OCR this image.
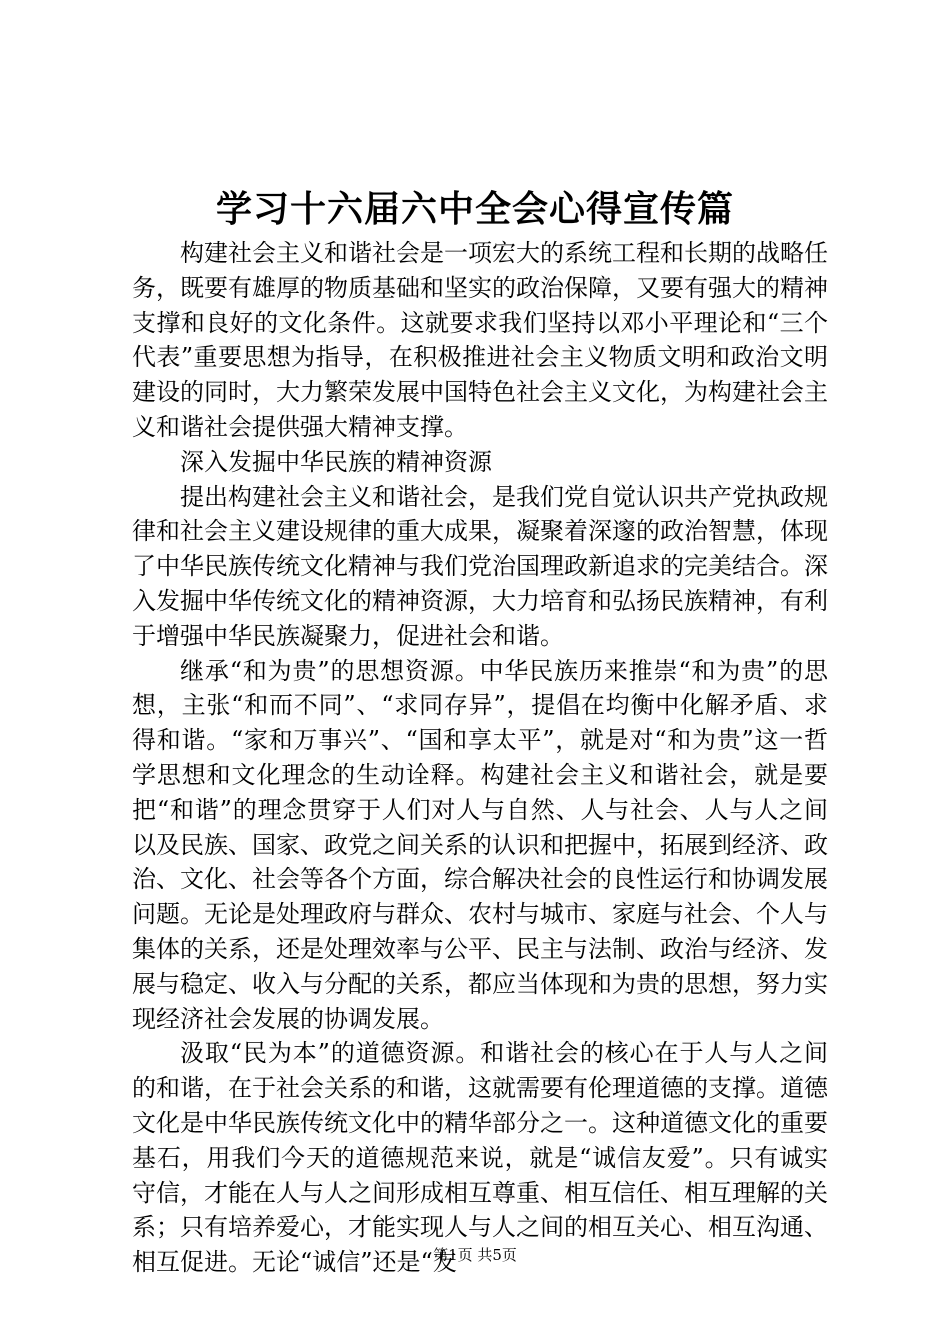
学习十六届六中全会心得宣传篇

构建社会主义和谐社会是一项宏大的系统工程和长期的战略任务，既要有雄厚的物质基础和坚实的政治保障，又要有强大的精神支撑和良好的文化条件。这就要求我们坚持以邓小平理论和“三个代表”重要思想为指导，在积极推进社会主义物质文明和政治文明建设的同时，大力繁荣发展中国特色社会主义文化，为构建社会主义和谐社会提供强大精神支撑。

深入发掘中华民族的精神资源

提出构建社会主义和谐社会，是我们党自觉认识共产党执政规律和社会主义建设规律的重大成果，凝聚着深邃的政治智慧，体现了中华民族传统文化精神与我们党治国理政新追求的完美结合。深入发掘中华传统文化的精神资源，大力培育和弘扬民族精神，有利于增强中华民族凝聚力，促进社会和谐。

继承“和为贵”的思想资源。中华民族历来推崇“和为贵”的思想，主张“和而不同”、“求同存异”，提倡在均衡中化解矛盾、求得和谐。“家和万事兴”、“国和享太平”，就是对“和为贵”这一哲学思想和文化理念的生动诠释。构建社会主义和谐社会，就是要把“和谐”的理念贯穿于人们对人与自然、人与社会、人与人之间以及民族、国家、政党之间关系的认识和把握中，拓展到经济、政治、文化、社会等各个方面，综合解决社会的良性运行和协调发展问题。无论是处理政府与群众、农村与城市、家庭与社会、个人与集体的关系，还是处理效率与公平、民主与法制、政治与经济、发展与稳定、收入与分配的关系，都应当体现和为贵的思想，努力实现经济社会发展的协调发展。

汲取“民为本”的道德资源。和谐社会的核心在于人与人之间的和谐，在于社会关系的和谐，这就需要有伦理道德的支撑。道德文化是中华民族传统文化中的精华部分之一。这种道德文化的重要基石，用我们今天的道德规范来说，就是“诚信友爱”。只有诚实守信，才能在人与人之间形成相互尊重、相互信任、相互理解的关系；只有培养爱心，才能实现人与人之间的相互关心、相互沟通、相互促进。无论“诚信”还是“友

第1页 共5页
